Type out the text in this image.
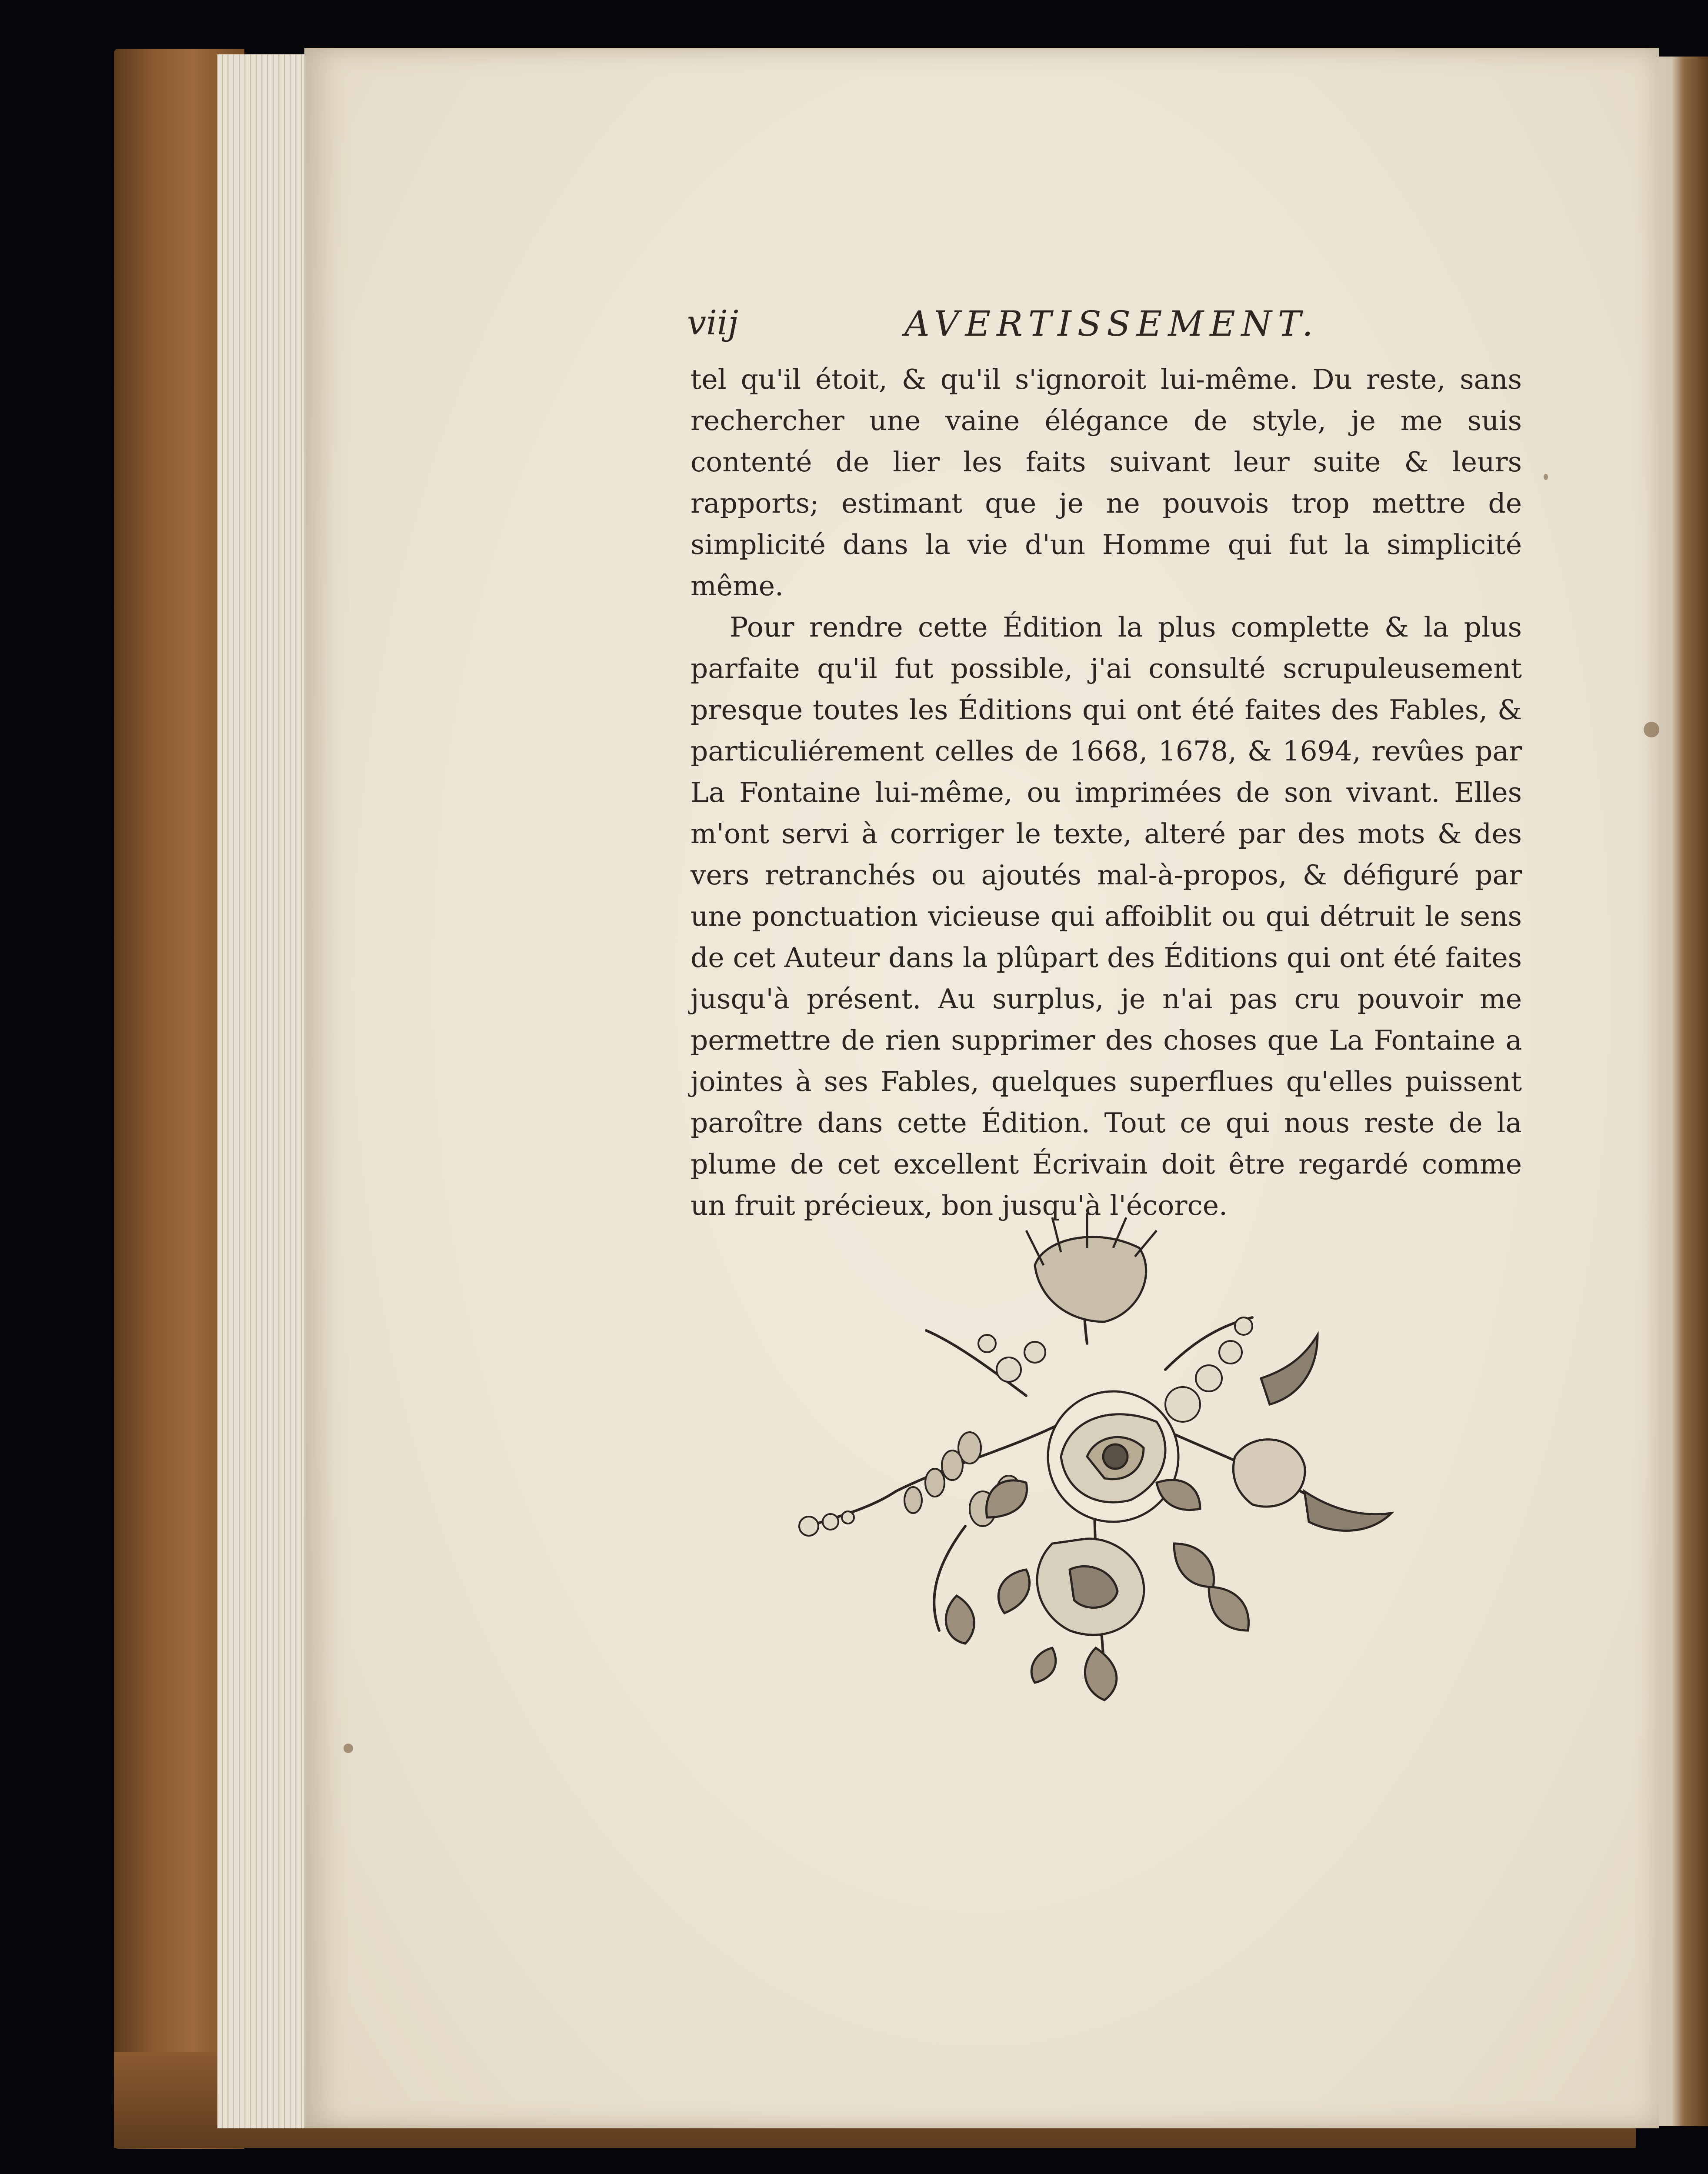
viij	AVERTISSEMENT.

tel qu'il étoit, & qu'il s'ignoroit lui-même. Du reste, sans rechercher une vaine élégance de style, je me suis contenté de lier les faits suivant leur suite & leurs rapports; estimant que je ne pouvois trop mettre de simplicité dans la vie d'un Homme qui fut la simplicité même.

Pour rendre cette Édition la plus complette & la plus parfaite qu'il fut possible, j'ai consulté scrupuleusement presque toutes les Éditions qui ont été faites des Fables, & particuliérement celles de 1668, 1678, & 1694, revûes par La Fontaine lui-même, ou imprimées de son vivant. Elles m'ont servi à corriger le texte, alteré par des mots & des vers retranchés ou ajoutés mal-à-propos, & défiguré par une ponctuation vicieuse qui affoiblit ou qui détruit le sens de cet Auteur dans la plûpart des Éditions qui ont été faites jusqu'à présent. Au surplus, je n'ai pas cru pouvoir me permettre de rien supprimer des choses que La Fontaine a jointes à ses Fables, quelques superflues qu'elles puissent paroître dans cette Édition. Tout ce qui nous reste de la plume de cet excellent Écrivain doit être regardé comme un fruit précieux, bon jusqu'à l'écorce.
